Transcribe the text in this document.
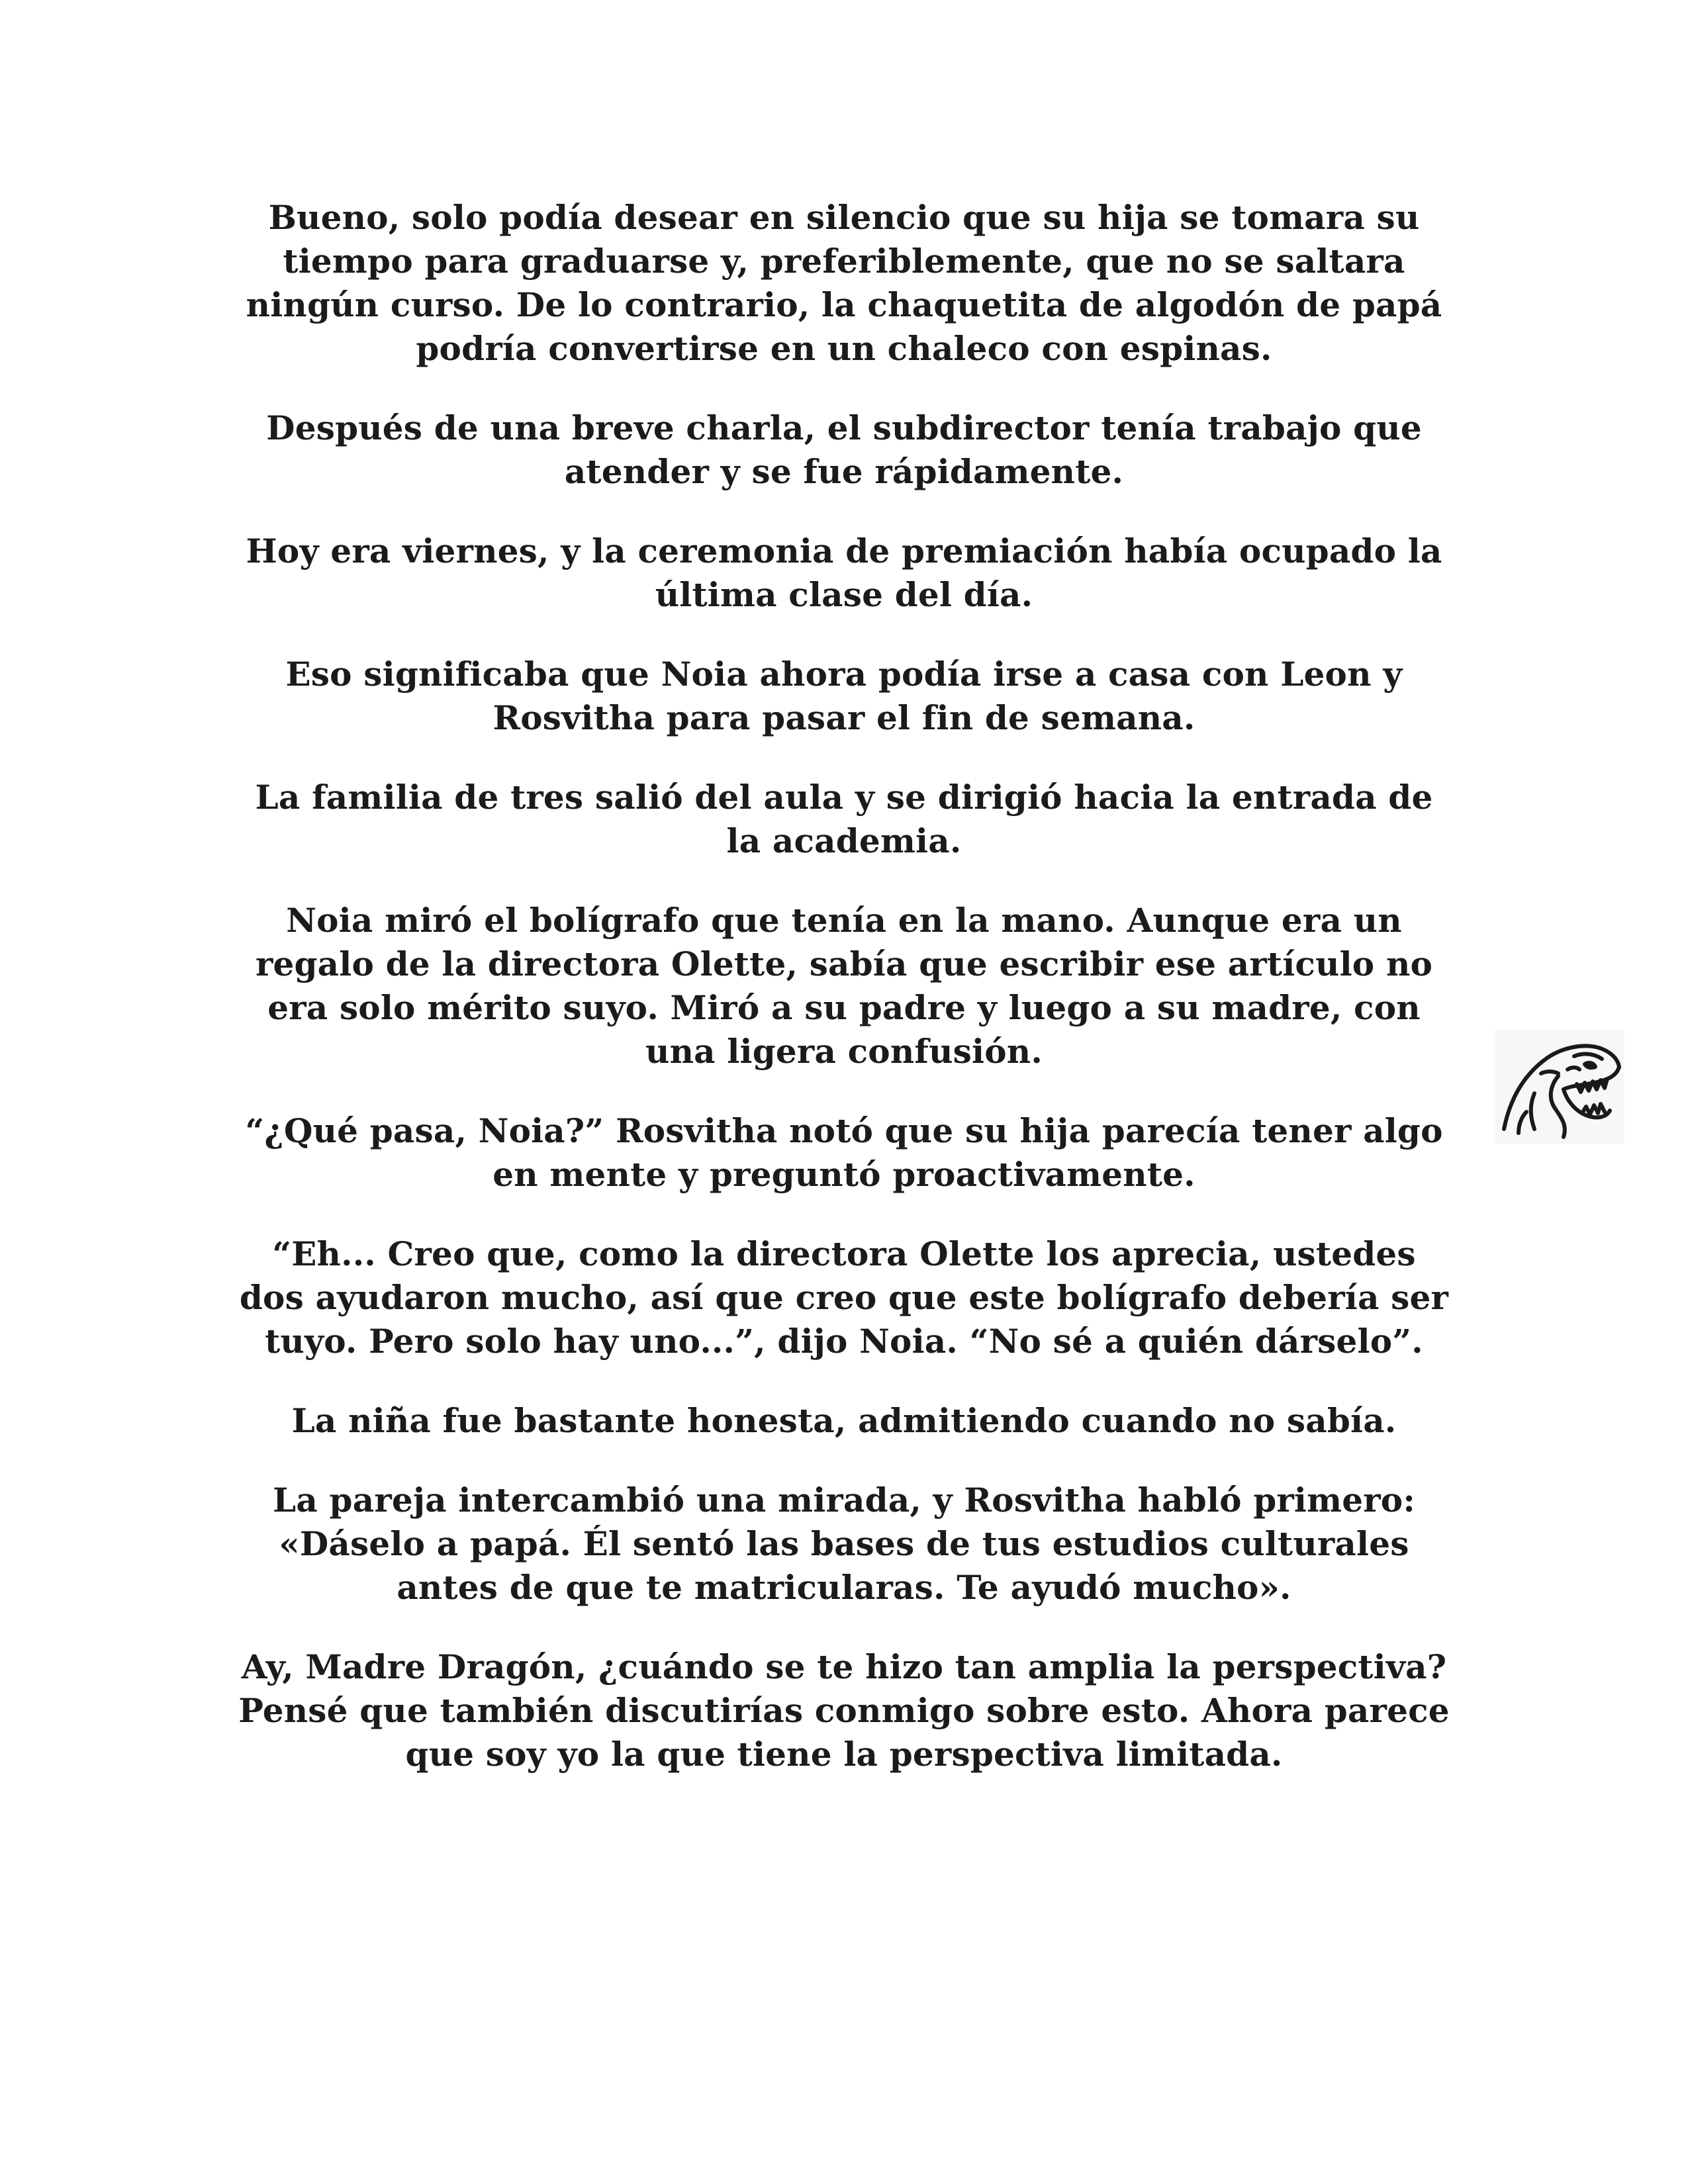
Bueno, solo podía desear en silencio que su hija se tomara su tiempo para graduarse y, preferiblemente, que no se saltara ningún curso. De lo contrario, la chaquetita de algodón de papá podría convertirse en un chaleco con espinas.

Después de una breve charla, el subdirector tenía trabajo que atender y se fue rápidamente.

Hoy era viernes, y la ceremonia de premiación había ocupado la última clase del día.

Eso significaba que Noia ahora podía irse a casa con Leon y Rosvitha para pasar el fin de semana.

La familia de tres salió del aula y se dirigió hacia la entrada de la academia.

Noia miró el bolígrafo que tenía en la mano. Aunque era un regalo de la directora Olette, sabía que escribir ese artículo no era solo mérito suyo. Miró a su padre y luego a su madre, con una ligera confusión.

“¿Qué pasa, Noia?” Rosvitha notó que su hija parecía tener algo en mente y preguntó proactivamente.

“Eh... Creo que, como la directora Olette los aprecia, ustedes dos ayudaron mucho, así que creo que este bolígrafo debería ser tuyo. Pero solo hay uno...”, dijo Noia. “No sé a quién dárselo”.

La niña fue bastante honesta, admitiendo cuando no sabía.

La pareja intercambió una mirada, y Rosvitha habló primero: «Dáselo a papá. Él sentó las bases de tus estudios culturales antes de que te matricularas. Te ayudó mucho».

Ay, Madre Dragón, ¿cuándo se te hizo tan amplia la perspectiva? Pensé que también discutirías conmigo sobre esto. Ahora parece que soy yo la que tiene la perspectiva limitada.
